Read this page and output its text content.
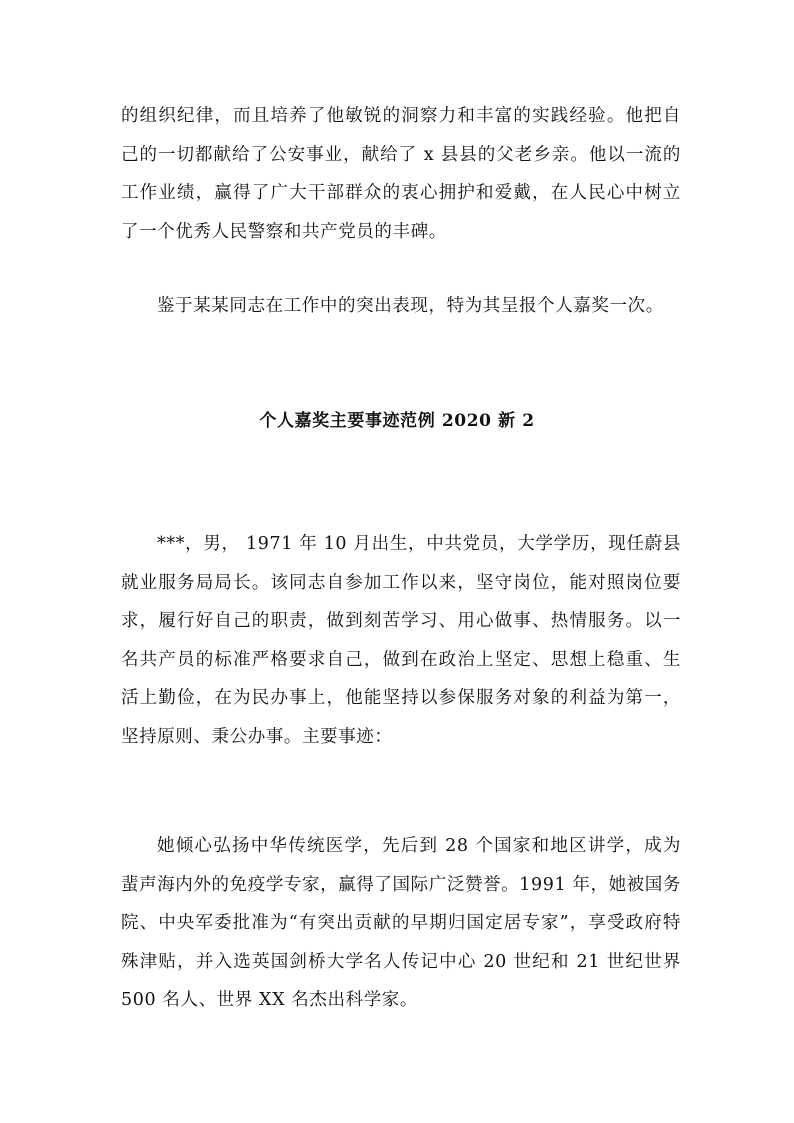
的组织纪律，而且培养了他敏锐的洞察力和丰富的实践经验。他把自己的一切都献给了公安事业，献给了 x 县县的父老乡亲。他以一流的工作业绩，赢得了广大干部群众的衷心拥护和爱戴，在人民心中树立了一个优秀人民警察和共产党员的丰碑。

鉴于某某同志在工作中的突出表现，特为其呈报个人嘉奖一次。

个人嘉奖主要事迹范例 2020 新 2

***，男， 1971 年 10 月出生，中共党员，大学学历，现任蔚县就业服务局局长。该同志自参加工作以来，坚守岗位，能对照岗位要求，履行好自己的职责，做到刻苦学习、用心做事、热情服务。以一名共产员的标准严格要求自己，做到在政治上坚定、思想上稳重、生活上勤俭，在为民办事上，他能坚持以参保服务对象的利益为第一，坚持原则、秉公办事。主要事迹：

她倾心弘扬中华传统医学，先后到 28 个国家和地区讲学，成为蜚声海内外的免疫学专家，赢得了国际广泛赞誉。1991 年，她被国务院、中央军委批准为“有突出贡献的早期归国定居专家”，享受政府特殊津贴，并入选英国剑桥大学名人传记中心 20 世纪和 21 世纪世界 500 名人、世界 XX 名杰出科学家。
